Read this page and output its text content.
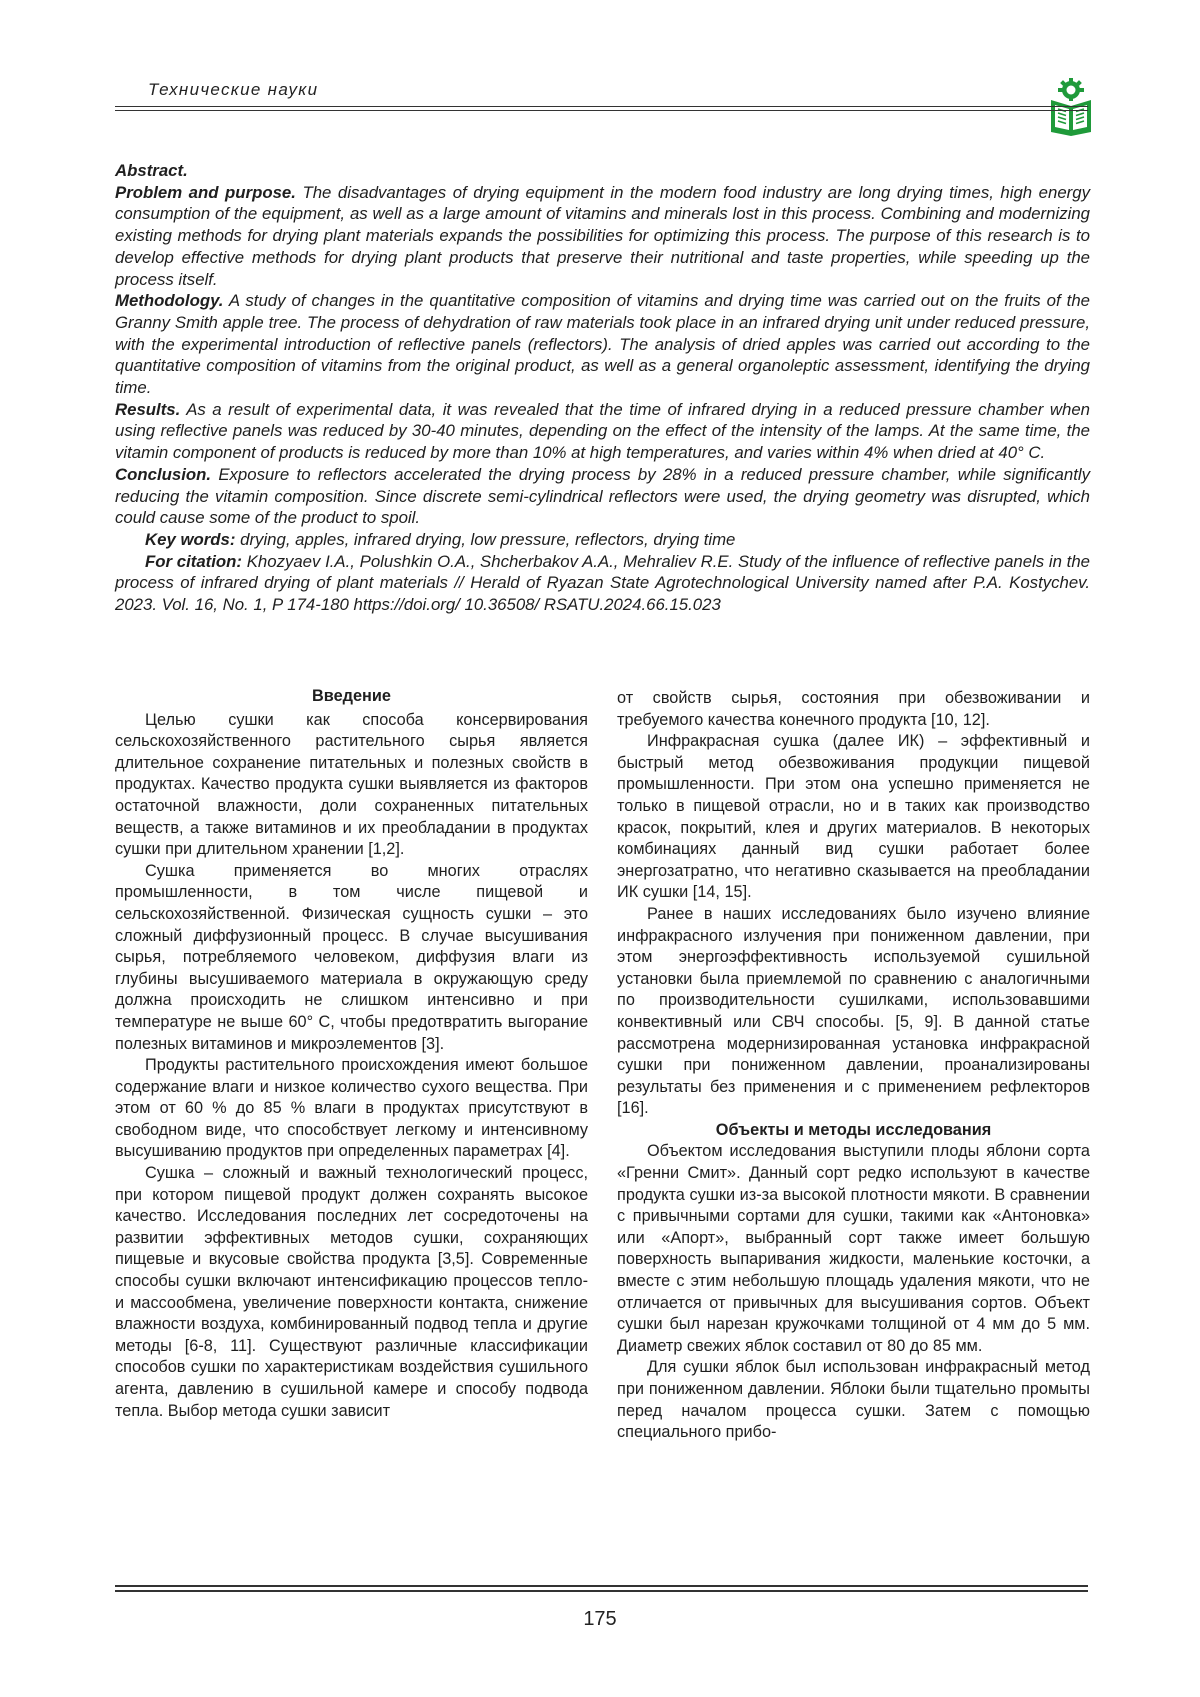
Технические науки

Abstract.

Problem and purpose. The disadvantages of drying equipment in the modern food industry are long drying times, high energy consumption of the equipment, as well as a large amount of vitamins and minerals lost in this process. Combining and modernizing existing methods for drying plant materials expands the possibilities for optimizing this process. The purpose of this research is to develop effective methods for drying plant products that preserve their nutritional and taste properties, while speeding up the process itself.

Methodology. A study of changes in the quantitative composition of vitamins and drying time was carried out on the fruits of the Granny Smith apple tree. The process of dehydration of raw materials took place in an infrared drying unit under reduced pressure, with the experimental introduction of reflective panels (reflectors). The analysis of dried apples was carried out according to the quantitative composition of vitamins from the original product, as well as a general organoleptic assessment, identifying the drying time.

Results. As a result of experimental data, it was revealed that the time of infrared drying in a reduced pressure chamber when using reflective panels was reduced by 30-40 minutes, depending on the effect of the intensity of the lamps. At the same time, the vitamin component of products is reduced by more than 10% at high temperatures, and varies within 4% when dried at 40° C.

Conclusion. Exposure to reflectors accelerated the drying process by 28% in a reduced pressure chamber, while significantly reducing the vitamin composition. Since discrete semi-cylindrical reflectors were used, the drying geometry was disrupted, which could cause some of the product to spoil.

Key words: drying, apples, infrared drying, low pressure, reflectors, drying time

For citation: Khozyaev I.A., Polushkin O.A., Shcherbakov A.A., Mehraliev R.E. Study of the influence of reflective panels in the process of infrared drying of plant materials // Herald of Ryazan State Agrotechnological University named after P.A. Kostychev. 2023. Vol. 16, No. 1, P 174-180 https://doi.org/ 10.36508/ RSATU.2024.66.15.023

Введение

Целью сушки как способа консервирования сельскохозяйственного растительного сырья является длительное сохранение питательных и полезных свойств в продуктах. Качество продукта сушки выявляется из факторов остаточной влажности, доли сохраненных питательных веществ, а также витаминов и их преобладании в продуктах сушки при длительном хранении [1,2].

Сушка применяется во многих отраслях промышленности, в том числе пищевой и сельскохозяйственной. Физическая сущность сушки – это сложный диффузионный процесс. В случае высушивания сырья, потребляемого человеком, диффузия влаги из глубины высушиваемого материала в окружающую среду должна происходить не слишком интенсивно и при температуре не выше 60° С, чтобы предотвратить выгорание полезных витаминов и микроэлементов [3].

Продукты растительного происхождения имеют большое содержание влаги и низкое количество сухого вещества. При этом от 60 % до 85 % влаги в продуктах присутствуют в свободном виде, что способствует легкому и интенсивному высушиванию продуктов при определенных параметрах [4].

Сушка – сложный и важный технологический процесс, при котором пищевой продукт должен сохранять высокое качество. Исследования последних лет сосредоточены на развитии эффективных методов сушки, сохраняющих пищевые и вкусовые свойства продукта [3,5]. Современные способы сушки включают интенсификацию процессов тепло- и массообмена, увеличение поверхности контакта, снижение влажности воздуха, комбинированный подвод тепла и другие методы [6-8, 11]. Существуют различные классификации способов сушки по характеристикам воздействия сушильного агента, давлению в сушильной камере и способу подвода тепла. Выбор метода сушки зависит

от свойств сырья, состояния при обезвоживании и требуемого качества конечного продукта [10, 12].

Инфракрасная сушка (далее ИК) – эффективный и быстрый метод обезвоживания продукции пищевой промышленности. При этом она успешно применяется не только в пищевой отрасли, но и в таких как производство красок, покрытий, клея и других материалов. В некоторых комбинациях данный вид сушки работает более энергозатратно, что негативно сказывается на преобладании ИК сушки [14, 15].

Ранее в наших исследованиях было изучено влияние инфракрасного излучения при пониженном давлении, при этом энергоэффективность используемой сушильной установки была приемлемой по сравнению с аналогичными по производительности сушилками, использовавшими конвективный или СВЧ способы. [5, 9]. В данной статье рассмотрена модернизированная установка инфракрасной сушки при пониженном давлении, проанализированы результаты без применения и с применением рефлекторов [16].

Объекты и методы исследования

Объектом исследования выступили плоды яблони сорта «Гренни Смит». Данный сорт редко используют в качестве продукта сушки из-за высокой плотности мякоти. В сравнении с привычными сортами для сушки, такими как «Антоновка» или «Апорт», выбранный сорт также имеет большую поверхность выпаривания жидкости, маленькие косточки, а вместе с этим небольшую площадь удаления мякоти, что не отличается от привычных для высушивания сортов. Объект сушки был нарезан кружочками толщиной от 4 мм до 5 мм. Диаметр свежих яблок составил от 80 до 85 мм.

Для сушки яблок был использован инфракрасный метод при пониженном давлении. Яблоки были тщательно промыты перед началом процесса сушки. Затем с помощью специального прибо-

175
